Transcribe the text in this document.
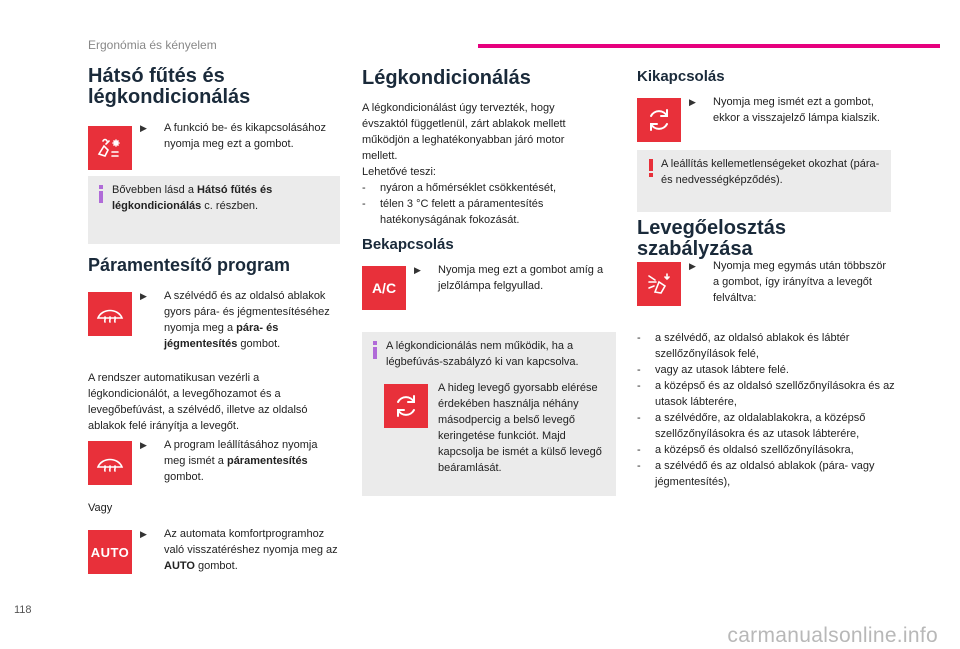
Ergonómia és kényelem
Hátsó fűtés és
légkondicionálás
▶	A funkció be- és kikapcsolásához nyomja meg ezt a gombot.
Bővebben lásd a Hátsó fűtés és légkondicionálás c. részben.
Páramentesítő program
▶	A szélvédő és az oldalsó ablakok gyors pára- és jégmentesítéséhez nyomja meg a pára- és jégmentesítés gombot.
A rendszer automatikusan vezérli a légkondicionálót, a levegőhozamot és a levegőbefúvást, a szélvédő, illetve az oldalsó ablakok felé irányítja a levegőt.
▶	A program leállításához nyomja meg ismét a páramentesítés gombot.
Vagy
AUTO
▶	Az automata komfortprogramhoz való visszatéréshez nyomja meg az AUTO gombot.
Légkondicionálás
A légkondicionálást úgy tervezték, hogy évszaktól függetlenül, zárt ablakok mellett működjön a leghatékonyabban járó motor mellett.
Lehetővé teszi:
- nyáron a hőmérséklet csökkentését,
- télen 3 °C felett a páramentesítés hatékonyságának fokozását.
Bekapcsolás
A/C
▶	Nyomja meg ezt a gombot amíg a jelzőlámpa felgyullad.
A légkondicionálás nem működik, ha a légbefúvás-szabályzó ki van kapcsolva.
A hideg levegő gyorsabb elérése érdekében használja néhány másodpercig a belső levegő keringetése funkciót. Majd kapcsolja be ismét a külső levegő beáramlását.
Kikapcsolás
▶	Nyomja meg ismét ezt a gombot, ekkor a visszajelző lámpa kialszik.
A leállítás kellemetlenségeket okozhat (pára- és nedvességképződés).
Levegőelosztás
szabályzása
▶	Nyomja meg egymás után többször a gombot, így irányítva a levegőt felváltva:
- a szélvédő, az oldalsó ablakok és lábtér szellőzőnyílások felé,
- vagy az utasok lábtere felé.
- a középső és az oldalsó szellőzőnyílásokra és az utasok lábterére,
- a szélvédőre, az oldalablakokra, a középső szellőzőnyílásokra és az utasok lábterére,
- a középső és oldalsó szellőzőnyílásokra,
- a szélvédő és az oldalsó ablakok (pára- vagy jégmentesítés),
118
carmanualsonline.info
